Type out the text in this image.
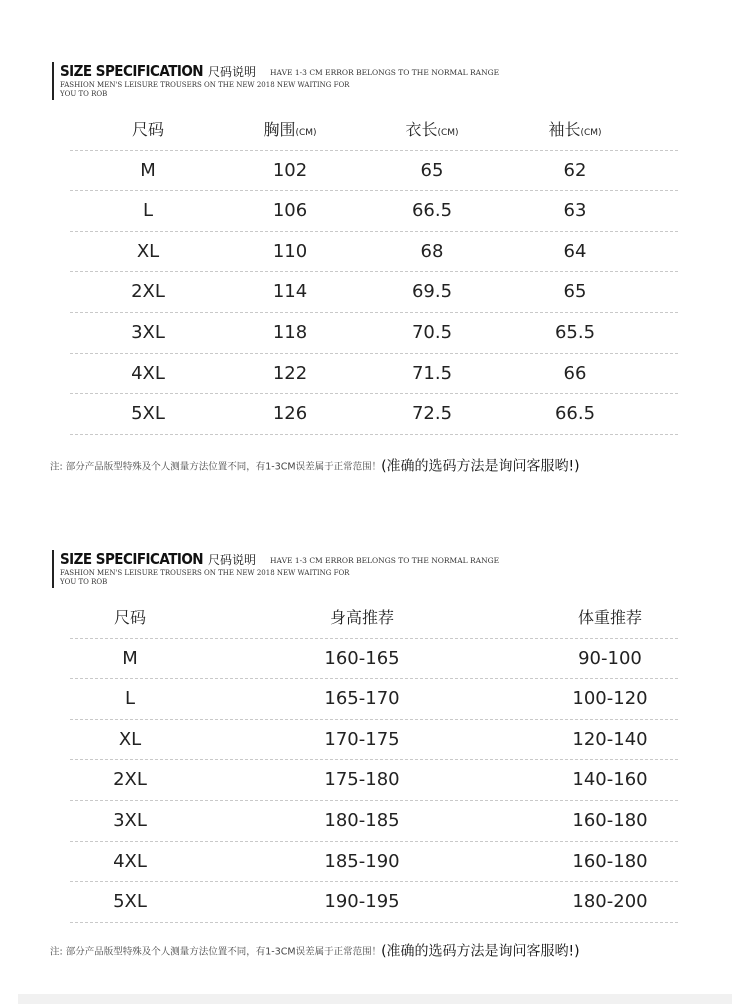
SIZE SPECIFICATION 尺码说明 HAVE 1-3 CM ERROR BELONGS TO THE NORMAL RANGE
FASHION MEN'S LEISURE TROUSERS ON THE NEW 2018 NEW WAITING FOR
YOU TO ROB
尺码	胸围(CM)	衣长(CM)	袖长(CM)
M	102	65	62
L	106	66.5	63
XL	110	68	64
2XL	114	69.5	65
3XL	118	70.5	65.5
4XL	122	71.5	66
5XL	126	72.5	66.5
注: 部分产品版型特殊及个人测量方法位置不同，有1-3CM误差属于正常范围！(准确的选码方法是询问客服哟!)
SIZE SPECIFICATION 尺码说明 HAVE 1-3 CM ERROR BELONGS TO THE NORMAL RANGE
FASHION MEN'S LEISURE TROUSERS ON THE NEW 2018 NEW WAITING FOR
YOU TO ROB
尺码	身高推荐	体重推荐
M	160-165	90-100
L	165-170	100-120
XL	170-175	120-140
2XL	175-180	140-160
3XL	180-185	160-180
4XL	185-190	160-180
5XL	190-195	180-200
注: 部分产品版型特殊及个人测量方法位置不同，有1-3CM误差属于正常范围！(准确的选码方法是询问客服哟!)
